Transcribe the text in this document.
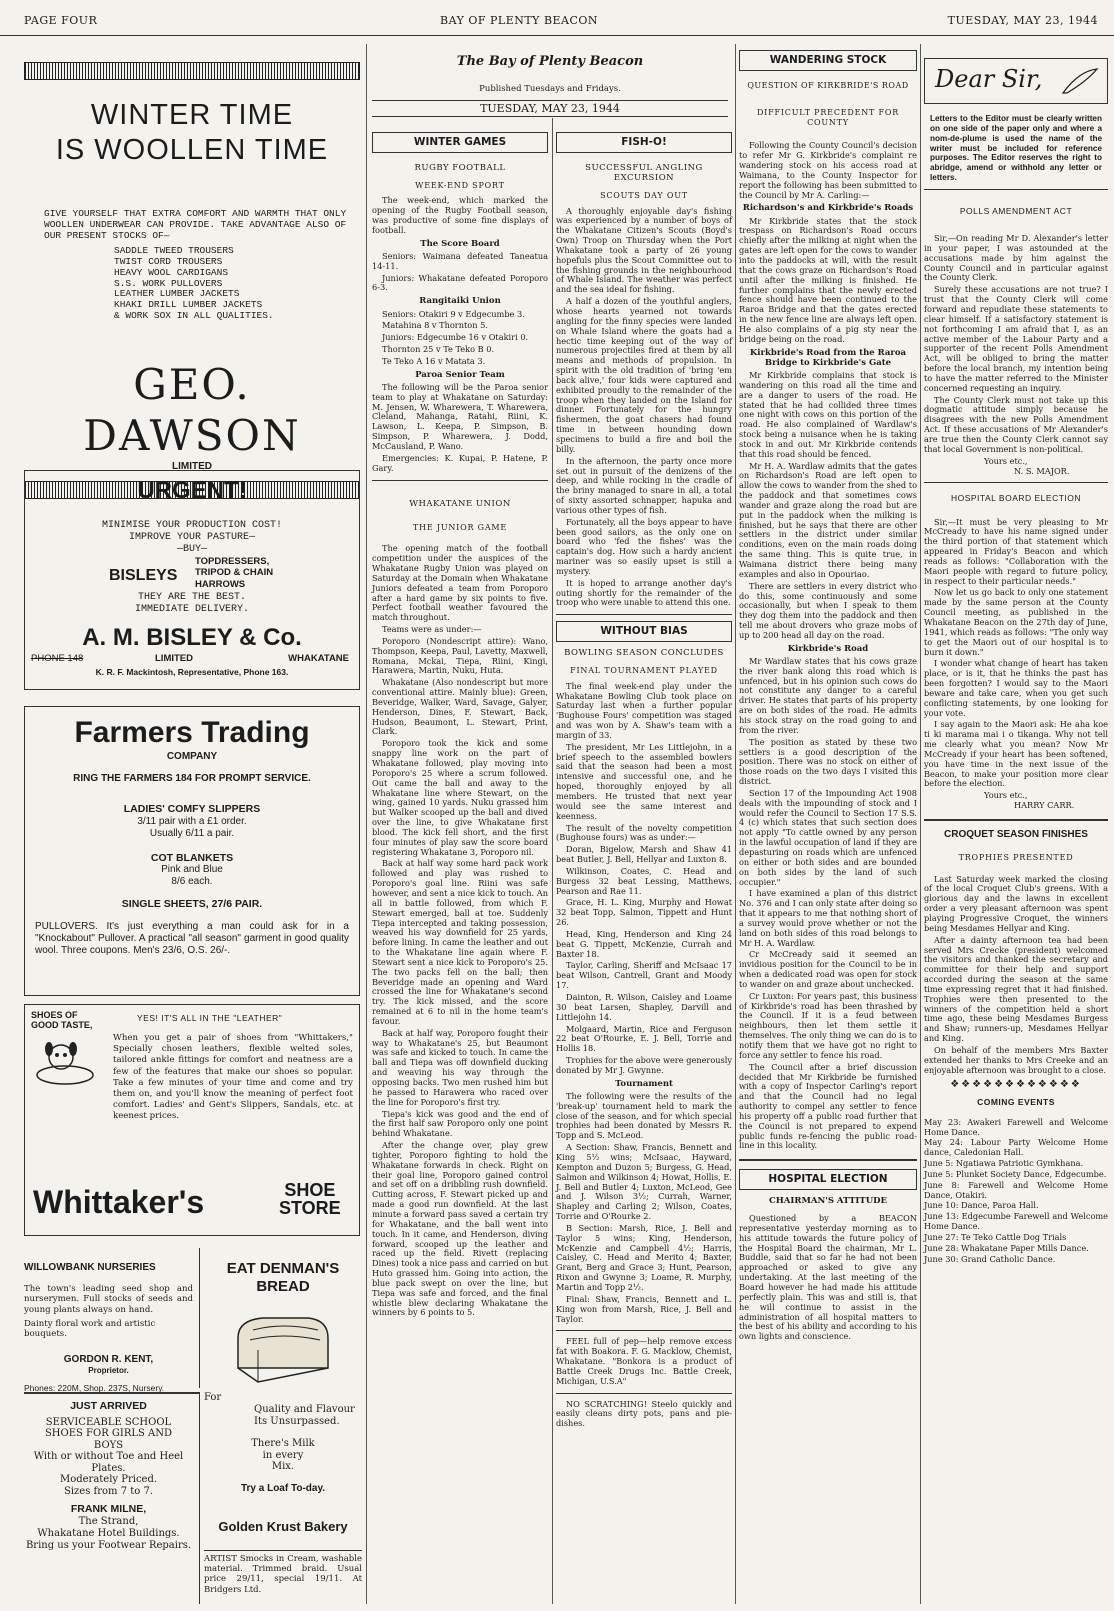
PAGE FOUR	BAY OF PLENTY BEACON	TUESDAY, MAY 23, 1944
WINTER TIME
IS WOOLLEN TIME
GIVE YOURSELF THAT EXTRA COMFORT AND WARMTH THAT ONLY WOOLLEN UNDERWEAR CAN PROVIDE. TAKE ADVANTAGE ALSO OF OUR PRESENT STOCKS OF—
SADDLE TWEED TROUSERS
TWIST CORD TROUSERS
HEAVY WOOL CARDIGANS
S.S. WORK PULLOVERS
LEATHER LUMBER JACKETS
KHAKI DRILL LUMBER JACKETS
& WORK SOX IN ALL QUALITIES.
GEO. DAWSON
LIMITED
URGENT!
MINIMISE YOUR PRODUCTION COST!
IMPROVE YOUR PASTURE—
—BUY—
BISLEYS
TOPDRESSERS,
TRIPOD & CHAIN
HARROWS
THEY ARE THE BEST.
IMMEDIATE DELIVERY.
A. M. BISLEY & Co.
PHONE 148	LIMITED	WHAKATANE
K. R. F. Mackintosh, Representative, Phone 163.
Farmers Trading
COMPANY
RING THE FARMERS 184 FOR PROMPT SERVICE.
LADIES' COMFY SLIPPERS
3/11 pair with a £1 order.
Usually 6/11 a pair.
COT BLANKETS
Pink and Blue
8/6 each.
SINGLE SHEETS, 27/6 PAIR.
PULLOVERS. It's just everything a man could ask for in a "Knockabout" Pullover. A practical "all season" garment in good quality wool. Three coupons. Men's 23/6, O.S. 26/-.
SHOES OF
GOOD TASTE,
YES! IT'S ALL IN THE "LEATHER"
When you get a pair of shoes from "Whittakers," Specially chosen leathers, flexible welted soles, tailored ankle fittings for comfort and neatness are a few of the features that make our shoes so popular. Take a few minutes of your time and come and try them on, and you'll know the meaning of perfect foot comfort. Ladies' and Gent's Slippers, Sandals, etc. at keenest prices.
Whittaker's	SHOE
STORE
WILLOWBANK NURSERIES
The town's leading seed shop and nurserymen. Full stocks of seeds and young plants always on hand.
Dainty floral work and artistic bouquets.
GORDON R. KENT,
Proprietor.
Phones: 220M, Shop. 237S, Nursery.
JUST ARRIVED
SERVICEABLE SCHOOL
SHOES FOR GIRLS AND
BOYS
With or without Toe and Heel
Plates.
Moderately Priced.
Sizes from 7 to 7.
FRANK MILNE,
The Strand,
Whakatane Hotel Buildings.
Bring us your Footwear Repairs.
EAT DENMAN'S BREAD
For
Quality and Flavour
Its Unsurpassed.
There's Milk
in every
Mix.
Try a Loaf To-day.
Golden Krust Bakery
ARTIST Smocks in Cream, washable material. Trimmed braid. Usual price 29/11, special 19/11. At Bridgers Ltd.
The Bay of Plenty Beacon
Published Tuesdays and Fridays.
TUESDAY, MAY 23, 1944
WINTER GAMES
RUGBY FOOTBALL
WEEK-END SPORT

The week-end, which marked the opening of the Rugby Football season, was productive of some fine displays of football.

The Score Board

Seniors: Waimana defeated Taneatua 14-11.

Juniors: Whakatane defeated Poroporo 6-3.

Rangitaiki Union

Seniors: Otakiri 9 v Edgecumbe 3.

Matahina 8 v Thornton 5.

Juniors: Edgecumbe 16 v Otakiri 0.

Thornton 25 v Te Teko B 0.

Te Teko A 16 v Matata 3.

Paroa Senior Team

The following will be the Paroa senior team to play at Whakatane on Saturday: M. Jensen, W. Wharewera, T. Wharewera, Cleland, Mahanga, Ratahi, Riini, K. Lawson, L. Keepa, P. Simpson, B. Simpson, P. Wharewera, J. Dodd, McCausland, P. Wano.

Emergencies: K. Kupai, P. Hatene, P. Gary.

WHAKATANE UNION
THE JUNIOR GAME

The opening match of the football competition under the auspices of the Whakatane Rugby Union was played on Saturday at the Domain when Whakatane Juniors defeated a team from Poroporo after a hard game by six points to five. Perfect football weather favoured the match throughout.

Teams were as under:—

Poroporo (Nondescript attire): Wano, Thompson, Keepa, Paul, Lavetty, Maxwell, Romana, Mckai, Tiepa, Riini, Kingi, Harawera, Martin, Nuku, Huta.

Whakatane (Also nondescript but more conventional attire. Mainly blue): Green, Beveridge, Walker, Ward, Savage, Galyer, Henderson, Dines, F. Stewart, Back, Hudson, Beaumont, L. Stewart, Print, Clark.

Poroporo took the kick and some snappy line work on the part of Whakatane followed, play moving into Poroporo's 25 where a scrum followed. Out came the ball and away to the Whakatane line where Stewart, on the wing, gained 10 yards. Nuku grassed him but Walker scooped up the ball and dived over the line, to give Whakatane first blood. The kick fell short, and the first four minutes of play saw the score board registering Whakatane 3, Poroporo nil.

Back at half way some hard pack work followed and play was rushed to Poroporo's goal line. Riini was safe however, and sent a nice kick to touch. An all in battle followed, from which F. Stewart emerged, ball at toe. Suddenly Tiepa intercepted and taking possession, weaved his way downfield for 25 yards, before lining. In came the leather and out to the Whakatane line again where F. Stewart sent a nice kick to Poroporo's 25. The two packs fell on the ball; then Beveridge made an opening and Ward crossed the line for Whakatane's second try. The kick missed, and the score remained at 6 to nil in the home team's favour.

Back at half way, Poroporo fought their way to Whakatane's 25, but Beaumont was safe and kicked to touch. In came the ball and Tiepa was off downfield ducking and weaving his way through the opposing backs. Two men rushed him but he passed to Harawera who raced over the line for Poroporo's first try.

Tiepa's kick was good and the end of the first half saw Poroporo only one point behind Whakatane.

After the change over, play grew tighter, Poroporo fighting to hold the Whakatane forwards in check. Right on their goal line, Poroporo gained control and set off on a dribbling rush downfield. Cutting across, F. Stewart picked up and made a good run downfield. At the last minute a forward pass saved a certain try for Whakatane, and the ball went into touch. In it came, and Henderson, diving forward, scooped up the leather and raced up the field. Rivett (replacing Dines) took a nice pass and carried on but Huto grassed him. Going into action, the blue pack swept on over the line, but Tiepa was safe and forced, and the final whistle blew declaring Whakatane the winners by 6 points to 5.

FISH-O!
SUCCESSFUL ANGLING EXCURSION
SCOUTS DAY OUT

A thoroughly enjoyable day's fishing was experienced by a number of boys of the Whakatane Citizen's Scouts (Boyd's Own) Troop on Thursday when the Port Whakatane took a party of 26 young hopefuls plus the Scout Committee out to the fishing grounds in the neighbourhood of Whale Island. The weather was perfect and the sea ideal for fishing.

A half a dozen of the youthful anglers, whose hearts yearned not towards angling for the finny species were landed on Whale Island where the goats had a hectic time keeping out of the way of numerous projectiles fired at them by all means and methods of propulsion. In spirit with the old tradition of 'bring 'em back alive,' four kids were captured and exhibited proudly to the remainder of the troop when they landed on the Island for dinner. Fortunately for the hungry fishermen, the goat chasers had found time in between hounding down specimens to build a fire and boil the billy.

In the afternoon, the party once more set out in pursuit of the denizens of the deep, and while rocking in the cradle of the briny managed to snare in all, a total of sixty assorted schnapper, hapuka and various other types of fish.

Fortunately, all the boys appear to have been good sailors, as the only one on board who 'fed the fishes' was the captain's dog. How such a hardy ancient mariner was so easily upset is still a mystery.

It is hoped to arrange another day's outing shortly for the remainder of the troop who were unable to attend this one.

WITHOUT BIAS
BOWLING SEASON CONCLUDES
FINAL TOURNAMENT PLAYED

The final week-end play under the Whakatane Bowling Club took place on Saturday last when a further popular 'Bughouse Fours' competition was staged and was won by A. Shaw's team with a margin of 33.

The president, Mr Les Littlejohn, in a brief speech to the assembled bowlers said that the season had been a most intensive and successful one, and he hoped, thoroughly enjoyed by all members. He trusted that next year would see the same interest and keenness.

The result of the novelty competition (Bughouse fours) was as under:—

Doran, Bigelow, Marsh and Shaw 41 beat Butler, J. Bell, Hellyar and Luxton 8.

Wilkinson, Coates, C. Head and Burgess 32 beat Lessing, Matthews, Pearson and Rae 11.

Grace, H. L. King, Murphy and Howat 32 beat Topp, Salmon, Tippett and Hunt 26.

Head, King, Henderson and King 24 beat G. Tippett, McKenzie, Currah and Baxter 18.

Taylor, Carling, Sheriff and McIsaac 17 beat Wilson, Cantrell, Grant and Moody 17.

Dainton, R. Wilson, Caisley and Loame 30 beat Larsen, Shapley, Darvill and Littlejohn 14.

Molgaard, Martin, Rice and Ferguson 22 beat O'Rourke, E. J. Bell, Torrie and Hollis 18.

Trophies for the above were generously donated by Mr J. Gwynne.

Tournament

The following were the results of the 'break-up' tournament held to mark the close of the season, and for which special trophies had been donated by Messrs R. Topp and S. McLeod.

A Section: Shaw, Francis, Bennett and King 5½ wins; McIsaac, Hayward, Kempton and Duzon 5; Burgess, G. Head, Salmon and Wilkinson 4; Howat, Hollis, E. J. Bell and Butler 4; Luxton, McLeod, Gee and J. Wilson 3½; Currah, Warner, Shapley and Carling 2; Wilson, Coates, Torrie and O'Rourke 2.

B Section: Marsh, Rice, J. Bell and Taylor 5 wins; King, Henderson, McKenzie and Campbell 4½; Harris, Caisley, C. Head and Merito 4; Baxter, Grant, Berg and Grace 3; Hunt, Pearson, Rixon and Gwynne 3; Loame, R. Murphy, Martin and Topp 2½.

Final: Shaw, Francis, Bennett and L. King won from Marsh, Rice, J. Bell and Taylor.

FEEL full of pep—help remove excess fat with Boakora. F. G. Macklow, Chemist, Whakatane. "Bonkora is a product of Battle Creek Drugs Inc. Battle Creek, Michigan, U.S.A"

NO SCRATCHING! Steelo quickly and easily cleans dirty pots, pans and pie-dishes.

WANDERING STOCK
QUESTION OF KIRKBRIDE'S ROAD
DIFFICULT PRECEDENT FOR COUNTY

Following the County Council's decision to refer Mr G. Kirkbride's complaint re wandering stock on his access road at Waimana, to the County Inspector for report the following has been submitted to the Council by Mr A. Carling:—

Richardson's and Kirkbride's Roads

Mr Kirkbride states that the stock trespass on Richardson's Road occurs chiefly after the milking at night when the gates are left open for the cows to wander into the paddocks at will, with the result that the cows graze on Richardson's Road until after the milking is finished. He further complains that the newly erected fence should have been continued to the Raroa Bridge and that the gates erected in the new fence line are always left open. He also complains of a pig sty near the bridge being on the road.

Kirkbride's Road from the Raroa Bridge to Kirkbride's Gate

Mr Kirkbride complains that stock is wandering on this road all the time and are a danger to users of the road. He stated that he had collided three times one night with cows on this portion of the road. He also complained of Wardlaw's stock being a nuisance when he is taking stock in and out. Mr Kirkbride contends that this road should be fenced.

Mr H. A. Wardlaw admits that the gates on Richardson's Road are left open to allow the cows to wander from the shed to the paddock and that sometimes cows wander and graze along the road but are put in the paddock when the milking is finished, but he says that there are other settlers in the district under similar conditions, even on the main roads doing the same thing. This is quite true, in Waimana district there being many examples and also in Opouriao.

There are settlers in every district who do this, some continuously and some occasionally, but when I speak to them they dog them into the paddock and then tell me about drovers who graze mobs of up to 200 head all day on the road.

Kirkbride's Road

Mr Wardlaw states that his cows graze the river bank along this road which is unfenced, but in his opinion such cows do not constitute any danger to a careful driver. He states that parts of his property are on both sides of the road. He admits his stock stray on the road going to and from the river.

The position as stated by these two settlers is a good description of the position. There was no stock on either of those roads on the two days I visited this district.

Section 17 of the Impounding Act 1908 deals with the impounding of stock and I would refer the Council to Section 17 S.S. 4 (c) which states that such section does not apply "To cattle owned by any person in the lawful occupation of land if they are depasturing on roads which are unfenced on either or both sides and are bounded on both sides by the land of such occupier."

I have examined a plan of this district No. 376 and I can only state after doing so that it appears to me that nothing short of a survey would prove whether or not the land on both sides of this road belongs to Mr H. A. Wardlaw.

Cr McCready said it seemed an invidious position for the Council to be in when a dedicated road was open for stock to wander on and graze about unchecked.

Cr Luxton: For years past, this business of Kirkbride's road has been thrashed by the Council. If it is a feud between neighbours, then let them settle it themselves. The only thing we can do is to notify them that we have got no right to force any settler to fence his road.

The Council after a brief discussion decided that Mr Kirkbride be furnished with a copy of Inspector Carling's report and that the Council had no legal authority to compel any settler to fence his property off a public road further that the Council is not prepared to expend public funds re-fencing the public road-line in this locality.

HOSPITAL ELECTION
CHAIRMAN'S ATTITUDE

Questioned by a BEACON representative yesterday morning as to his attitude towards the future policy of the Hospital Board the chairman, Mr L. Buddle, said that so far he had not been approached or asked to give any undertaking. At the last meeting of the Board however he had made his attitude perfectly plain. This was and still is, that he will continue to assist in the administration of all hospital matters to the best of his ability and according to his own lights and conscience.

Dear Sir,
Letters to the Editor must be clearly written on one side of the paper only and where a nom-de-plume is used the name of the writer must be included for reference purposes. The Editor reserves the right to abridge, amend or withhold any letter or letters.
POLLS AMENDMENT ACT

Sir,—On reading Mr D. Alexander's letter in your paper, I was astounded at the accusations made by him against the County Council and in particular against the County Clerk.

Surely these accusations are not true? I trust that the County Clerk will come forward and repudiate these statements to clear himself. If a satisfactory statement is not forthcoming I am afraid that I, as an active member of the Labour Party and a supporter of the recent Polls Amendment Act, will be obliged to bring the matter before the local branch, my intention being to have the matter referred to the Minister concerned requesting an inquiry.

The County Clerk must not take up this dogmatic attitude simply because he disagrees with the new Polls Amendment Act. If these accusations of Mr Alexander's are true then the County Clerk cannot say that local Government is non-political.

Yours etc.,
N. S. MAJOR.
HOSPITAL BOARD ELECTION

Sir,—It must be very pleasing to Mr McCready to have his name signed under the third portion of that statement which appeared in Friday's Beacon and which reads as follows: "Collaboration with the Maori people with regard to future policy, in respect to their particular needs."

Now let us go back to only one statement made by the same person at the County Council meeting, as published in the Whakatane Beacon on the 27th day of June, 1941, which reads as follows: "The only way to get the Maori out of our hospital is to burn it down."

I wonder what change of heart has taken place, or is it, that he thinks the past has been forgotten? I would say to the Maori beware and take care, when you get such conflicting statements, by one looking for your vote.

I say again to the Maori ask: He aha koe ti ki marama mai i o tikanga. Why not tell me clearly what you mean? Now Mr McCready if your heart has been softened, you have time in the next issue of the Beacon, to make your position more clear before the election.

Yours etc.,
HARRY CARR.
CROQUET SEASON FINISHES
TROPHIES PRESENTED

Last Saturday week marked the closing of the local Croquet Club's greens. With a glorious day and the lawns in excellent order a very pleasant afternoon was spent playing Progressive Croquet, the winners being Mesdames Hellyar and King.

After a dainty afternoon tea had been served Mrs Crecke (president) welcomed the visitors and thanked the secretary and committee for their help and support accorded during the season at the same time expressing regret that it had finished. Trophies were then presented to the winners of the competition held a short time ago, these being Mesdames Burgess and Shaw; runners-up, Mesdames Hellyar and King.

On behalf of the members Mrs Baxter extended her thanks to Mrs Creeke and an enjoyable afternoon was brought to a close.

❖❖❖❖❖❖❖❖❖❖❖❖
COMING EVENTS

May 23: Awakeri Farewell and Welcome Home Dance.

May 24: Labour Party Welcome Home dance, Caledonian Hall.

June 5: Ngatiawa Patriotic Gymkhana.

June 5: Plunket Society Dance, Edgecumbe.

June 8: Farewell and Welcome Home Dance, Otakiri.

June 10: Dance, Paroa Hall.

June 13: Edgecumbe Farewell and Welcome Home Dance.

June 27: Te Teko Cattle Dog Trials

June 28: Whakatane Paper Mills Dance.

June 30: Grand Catholic Dance.
